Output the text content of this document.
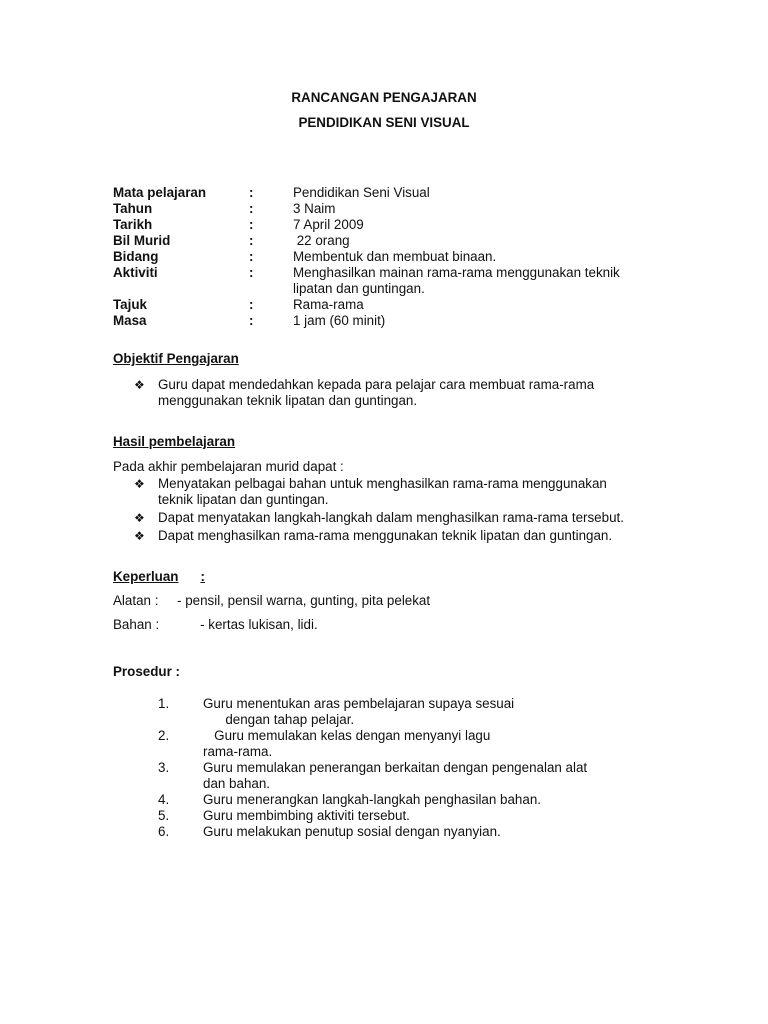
RANCANGAN PENGAJARAN
PENDIDIKAN SENI VISUAL
Mata pelajaran	:	Pendidikan Seni Visual
Tahun	:	3 Naim
Tarikh	:	7 April 2009
Bil Murid	:	22 orang
Bidang	:	Membentuk dan membuat binaan.
Aktiviti	:	Menghasilkan mainan rama-rama menggunakan teknik lipatan dan guntingan.
Tajuk	:	Rama-rama
Masa	:	1 jam (60 minit)
Objektif Pengajaran
❖ Guru dapat mendedahkan kepada para pelajar cara membuat rama-rama menggunakan teknik lipatan dan guntingan.
Hasil pembelajaran
Pada akhir pembelajaran murid dapat :
❖ Menyatakan pelbagai bahan untuk menghasilkan rama-rama menggunakan teknik lipatan dan guntingan.
❖ Dapat menyatakan langkah-langkah dalam menghasilkan rama-rama tersebut.
❖ Dapat menghasilkan rama-rama menggunakan teknik lipatan dan guntingan.
Keperluan :
Alatan :     - pensil, pensil warna, gunting, pita pelekat
Bahan :           - kertas lukisan, lidi.
Prosedur :
1.	Guru menentukan aras pembelajaran supaya sesuai
dengan tahap pelajar.
2.	Guru memulakan kelas dengan menyanyi lagu
rama-rama.
3.	Guru memulakan penerangan berkaitan dengan pengenalan alat
dan bahan.
4.	Guru menerangkan langkah-langkah penghasilan bahan.
5.	Guru membimbing aktiviti tersebut.
6.	Guru melakukan penutup sosial dengan nyanyian.
